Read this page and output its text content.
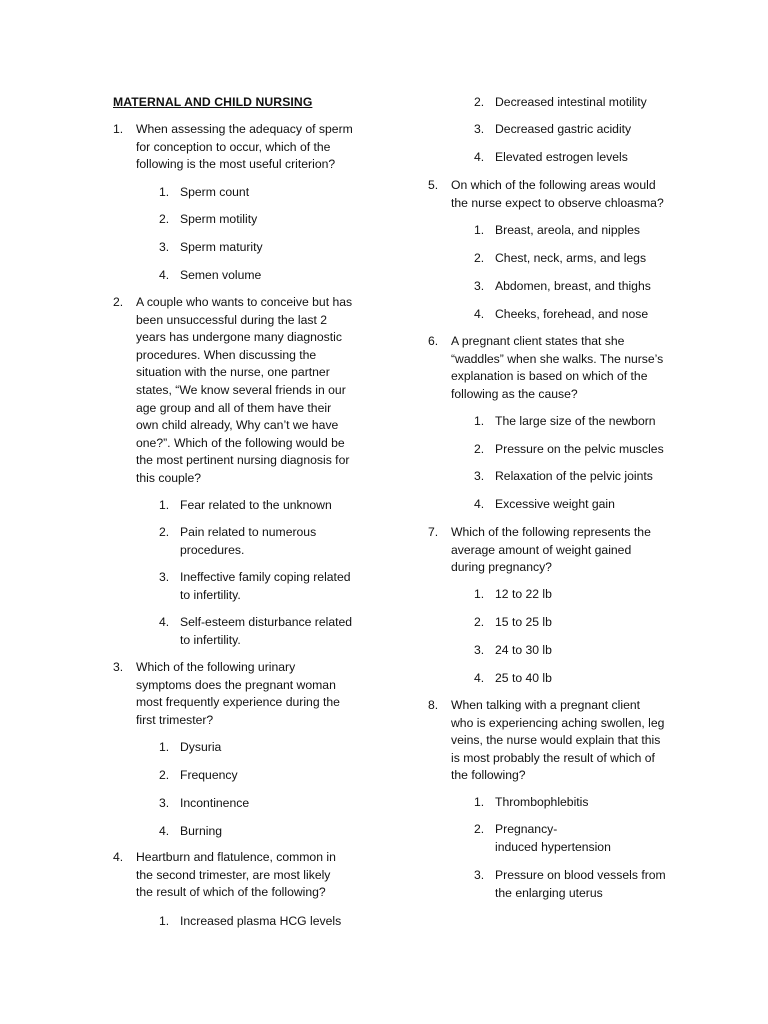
MATERNAL AND CHILD NURSING
1.	When assessing the adequacy of sperm
for conception to occur, which of the
following is the most useful criterion?
1. Sperm count
2. Sperm motility
3. Sperm maturity
4. Semen volume
2.	A couple who wants to conceive but has
been unsuccessful during the last 2
years has undergone many diagnostic
procedures. When discussing the
situation with the nurse, one partner
states, “We know several friends in our
age group and all of them have their
own child already, Why can’t we have
one?”. Which of the following would be
the most pertinent nursing diagnosis for
this couple?
1. Fear related to the unknown
2. Pain related to numerous
procedures.
3. Ineffective family coping related
to infertility.
4. Self-esteem disturbance related
to infertility.
3.	Which of the following urinary
symptoms does the pregnant woman
most frequently experience during the
first trimester?
1. Dysuria
2. Frequency
3. Incontinence
4. Burning
4.	Heartburn and flatulence, common in
the second trimester, are most likely
the result of which of the following?
1. Increased plasma HCG levels
2. Decreased intestinal motility
3. Decreased gastric acidity
4. Elevated estrogen levels
5.	On which of the following areas would
the nurse expect to observe chloasma?
1. Breast, areola, and nipples
2. Chest, neck, arms, and legs
3. Abdomen, breast, and thighs
4. Cheeks, forehead, and nose
6.	A pregnant client states that she
“waddles” when she walks. The nurse’s
explanation is based on which of the
following as the cause?
1. The large size of the newborn
2. Pressure on the pelvic muscles
3. Relaxation of the pelvic joints
4. Excessive weight gain
7.	Which of the following represents the
average amount of weight gained
during pregnancy?
1. 12 to 22 lb
2. 15 to 25 lb
3. 24 to 30 lb
4. 25 to 40 lb
8.	When talking with a pregnant client
who is experiencing aching swollen, leg
veins, the nurse would explain that this
is most probably the result of which of
the following?
1. Thrombophlebitis
2. Pregnancy-
induced hypertension
3. Pressure on blood vessels from
the enlarging uterus
